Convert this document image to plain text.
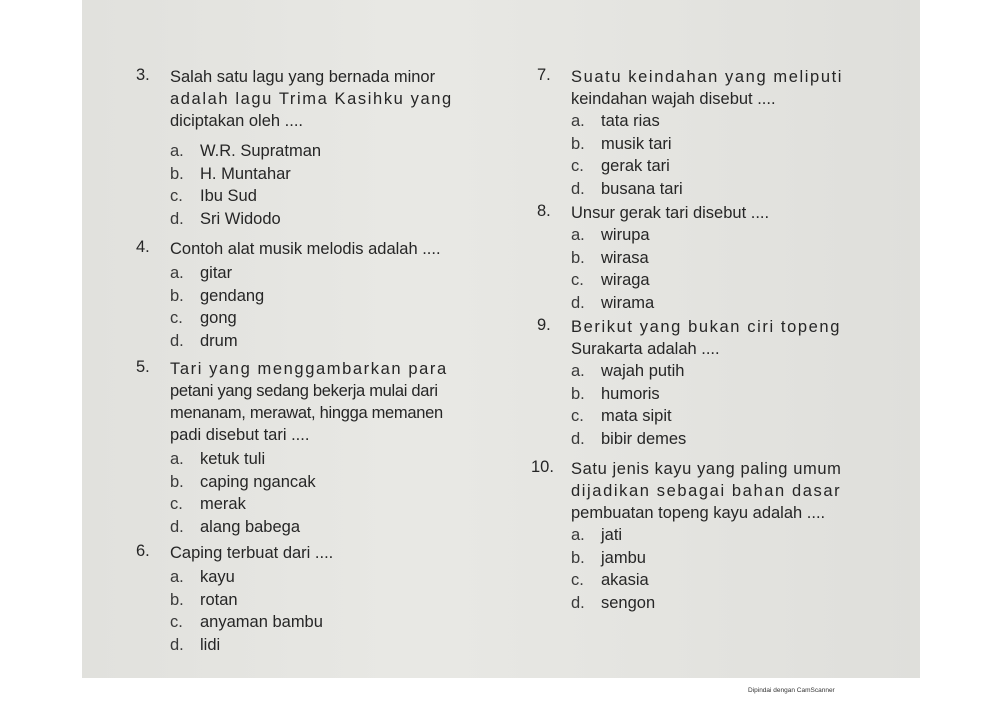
3.	Salah satu lagu yang bernada minor
adalah lagu Trima Kasihku yang
diciptakan oleh ....
a. W.R. Supratman
b. H. Muntahar
c.	Ibu Sud
d. Sri Widodo
4.	Contoh alat musik melodis adalah ....
a. gitar
b. gendang
c.	gong
d. drum
5.	Tari yang menggambarkan para
petani yang sedang bekerja mulai dari
menanam, merawat, hingga memanen
padi disebut tari ....
a. ketuk tuli
b. caping ngancak
c.	merak
d. alang babega
6.	Caping terbuat dari ....
a. kayu
b. rotan
c.	anyaman bambu
d. lidi
7.	Suatu keindahan yang meliputi
keindahan wajah disebut ....
a. tata rias
b. musik tari
c.	gerak tari
d. busana tari
8.	Unsur gerak tari disebut ....
a. wirupa
b. wirasa
c.	wiraga
d. wirama
9.	Berikut yang bukan ciri topeng
Surakarta adalah ....
a. wajah putih
b. humoris
c.	mata sipit
d. bibir demes
10.	Satu jenis kayu yang paling umum
dijadikan sebagai bahan dasar
pembuatan topeng kayu adalah ....
a. jati
b. jambu
c.	akasia
d. sengon
Dipindai dengan CamScanner
